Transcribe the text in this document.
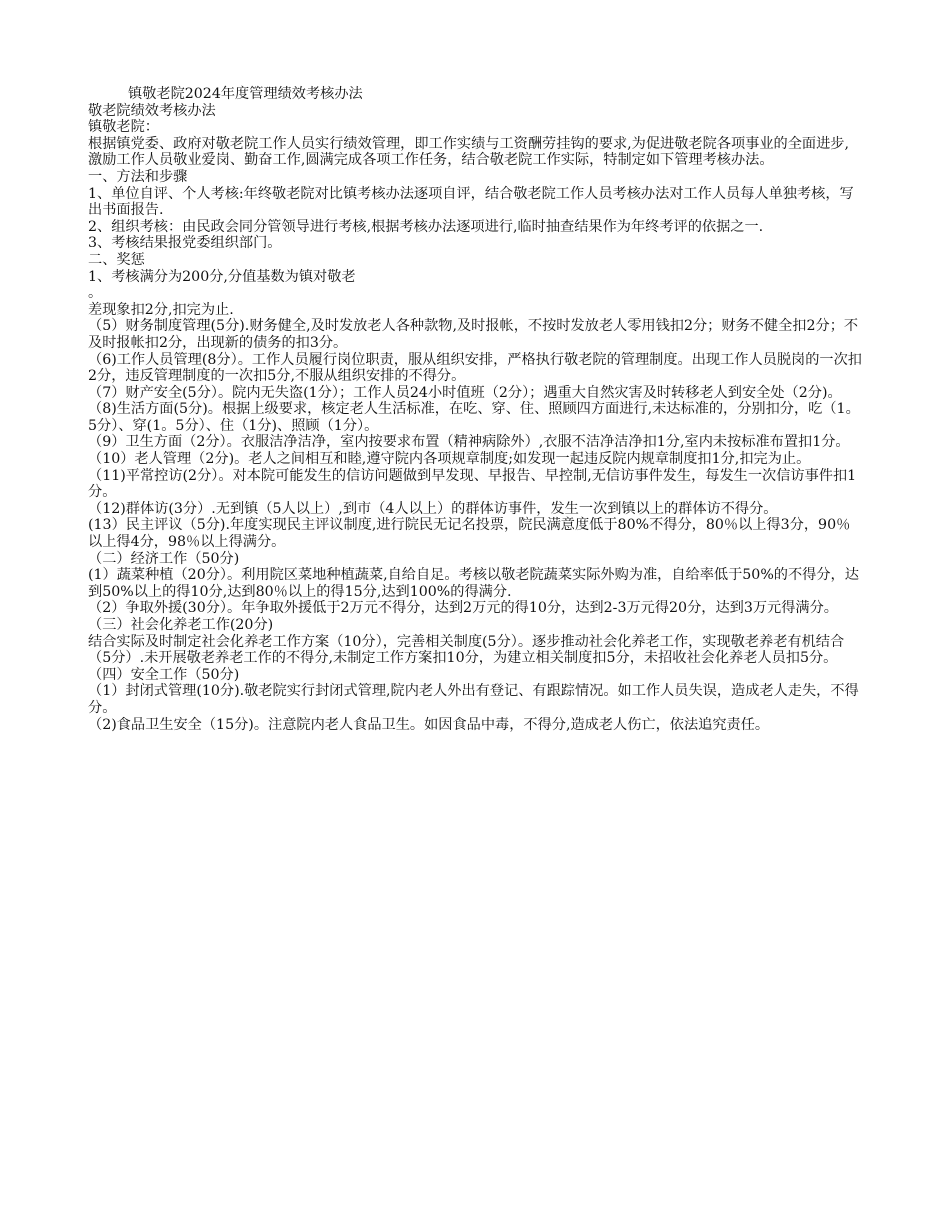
镇敬老院2024年度管理绩效考核办法

敬老院绩效考核办法

镇敬老院：

根据镇党委、政府对敬老院工作人员实行绩效管理，即工作实绩与工资酬劳挂钩的要求,为促进敬老院各项事业的全面进步,激励工作人员敬业爱岗、勤奋工作,圆满完成各项工作任务，结合敬老院工作实际，特制定如下管理考核办法。

一、方法和步骤

1、单位自评、个人考核:年终敬老院对比镇考核办法逐项自评，结合敬老院工作人员考核办法对工作人员每人单独考核，写出书面报告.

2、组织考核：由民政会同分管领导进行考核,根据考核办法逐项进行,临时抽查结果作为年终考评的依据之一.

3、考核结果报党委组织部门。

二、奖惩

1、考核满分为200分,分值基数为镇对敬老

。

差现象扣2分,扣完为止.

（5）财务制度管理(5分).财务健全,及时发放老人各种款物,及时报帐，不按时发放老人零用钱扣2分；财务不健全扣2分；不及时报帐扣2分，出现新的债务的扣3分。

（6)工作人员管理(8分）。工作人员履行岗位职责，服从组织安排，严格执行敬老院的管理制度。出现工作人员脱岗的一次扣2分，违反管理制度的一次扣5分,不服从组织安排的不得分。

（7）财产安全(5分）。院内无失盗(1分）；工作人员24小时值班（2分）；遇重大自然灾害及时转移老人到安全处（2分)。

（8)生活方面(5分)。根据上级要求，核定老人生活标准，在吃、穿、住、照顾四方面进行,未达标准的，分别扣分，吃（1。5分）、穿(1。5分）、住（1分)、照顾（1分）。

（9）卫生方面（2分）。衣服洁净洁净，室内按要求布置（精神病除外）,衣服不洁净洁净扣1分,室内未按标准布置扣1分。

（10）老人管理（2分)。老人之间相互和睦,遵守院内各项规章制度;如发现一起违反院内规章制度扣1分,扣完为止。

（11)平常控访(2分）。对本院可能发生的信访问题做到早发现、早报告、早控制,无信访事件发生，每发生一次信访事件扣1分。

（12)群体访(3分）.无到镇（5人以上）,到市（4人以上）的群体访事件，发生一次到镇以上的群体访不得分。

(13）民主评议（5分).年度实现民主评议制度,进行院民无记名投票，院民满意度低于80%不得分，80％以上得3分，90％以上得4分，98％以上得满分。

（二）经济工作（50分)

(1）蔬菜种植（20分）。利用院区菜地种植蔬菜,自给自足。考核以敬老院蔬菜实际外购为准，自给率低于50%的不得分，达到50%以上的得10分,达到80％以上的得15分,达到100%的得满分.

（2）争取外援(30分）。年争取外援低于2万元不得分，达到2万元的得10分，达到2-3万元得20分，达到3万元得满分。

（三）社会化养老工作(20分)

结合实际及时制定社会化养老工作方案（10分），完善相关制度(5分）。逐步推动社会化养老工作，实现敬老养老有机结合（5分）.未开展敬老养老工作的不得分,未制定工作方案扣10分，为建立相关制度扣5分，未招收社会化养老人员扣5分。

（四）安全工作（50分)

（1）封闭式管理(10分).敬老院实行封闭式管理,院内老人外出有登记、有跟踪情况。如工作人员失误，造成老人走失，不得分。

（2)食品卫生安全（15分)。注意院内老人食品卫生。如因食品中毒，不得分,造成老人伤亡，依法追究责任。
